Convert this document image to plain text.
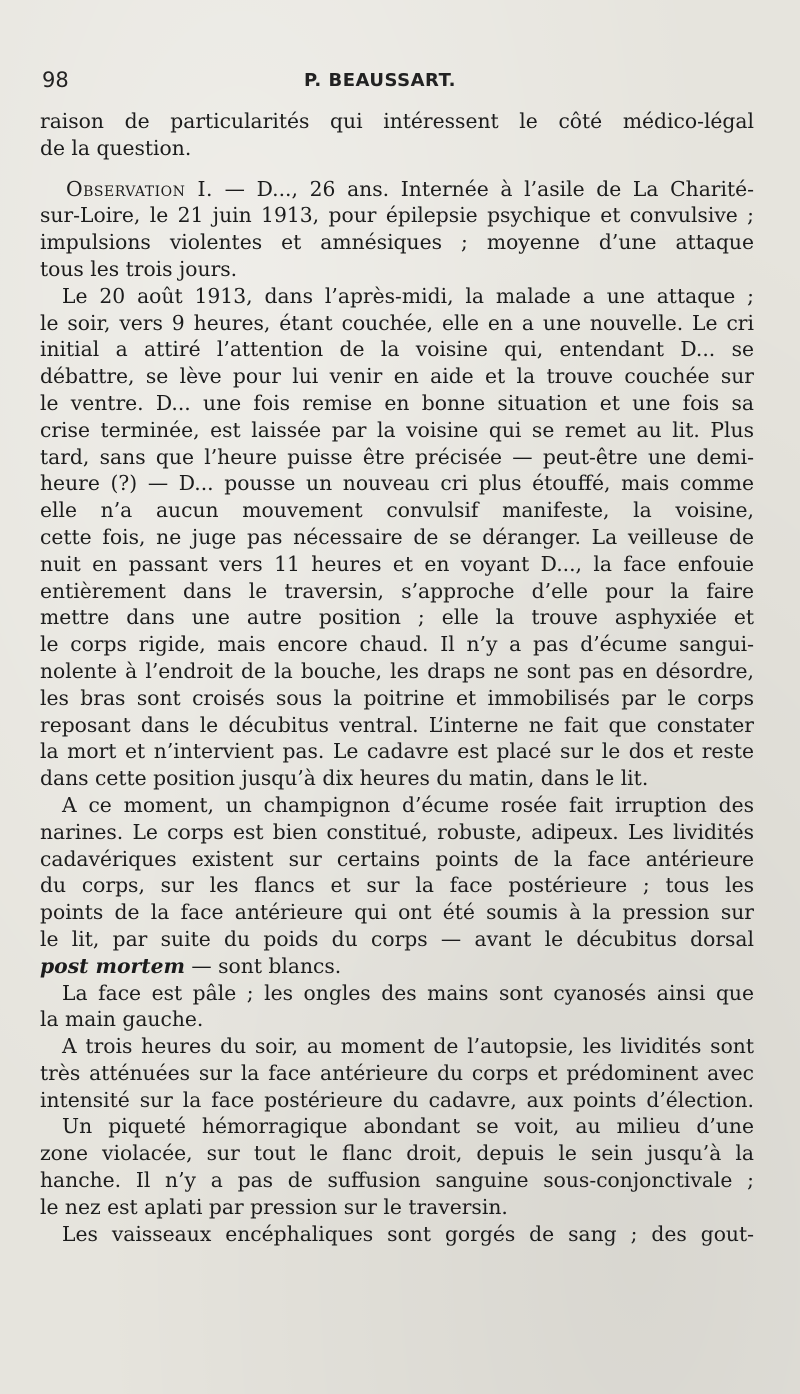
98	P. BEAUSSART.
raison de particularités qui intéressent le côté médico-légal
de la question.
Observation I. — D..., 26 ans. Internée à l’asile de La Charité-
sur-Loire, le 21 juin 1913, pour épilepsie psychique et convulsive ;
impulsions violentes et amnésiques ; moyenne d’une attaque
tous les trois jours.
Le 20 août 1913, dans l’après-midi, la malade a une attaque ;
le soir, vers 9 heures, étant couchée, elle en a une nouvelle. Le cri
initial a attiré l’attention de la voisine qui, entendant D... se
débattre, se lève pour lui venir en aide et la trouve couchée sur
le ventre. D... une fois remise en bonne situation et une fois sa
crise terminée, est laissée par la voisine qui se remet au lit. Plus
tard, sans que l’heure puisse être précisée — peut-être une demi-
heure (?) — D... pousse un nouveau cri plus étouffé, mais comme
elle n’a aucun mouvement convulsif manifeste, la voisine,
cette fois, ne juge pas nécessaire de se déranger. La veilleuse de
nuit en passant vers 11 heures et en voyant D..., la face enfouie
entièrement dans le traversin, s’approche d’elle pour la faire
mettre dans une autre position ; elle la trouve asphyxiée et
le corps rigide, mais encore chaud. Il n’y a pas d’écume sangui-
nolente à l’endroit de la bouche, les draps ne sont pas en désordre,
les bras sont croisés sous la poitrine et immobilisés par le corps
reposant dans le décubitus ventral. L’interne ne fait que constater
la mort et n’intervient pas. Le cadavre est placé sur le dos et reste
dans cette position jusqu’à dix heures du matin, dans le lit.
A ce moment, un champignon d’écume rosée fait irruption des
narines. Le corps est bien constitué, robuste, adipeux. Les lividités
cadavériques existent sur certains points de la face antérieure
du corps, sur les flancs et sur la face postérieure ; tous les
points de la face antérieure qui ont été soumis à la pression sur
le lit, par suite du poids du corps — avant le décubitus dorsal
post mortem — sont blancs.
La face est pâle ; les ongles des mains sont cyanosés ainsi que
la main gauche.
A trois heures du soir, au moment de l’autopsie, les lividités sont
très atténuées sur la face antérieure du corps et prédominent avec
intensité sur la face postérieure du cadavre, aux points d’élection.
Un piqueté hémorragique abondant se voit, au milieu d’une
zone violacée, sur tout le flanc droit, depuis le sein jusqu’à la
hanche. Il n’y a pas de suffusion sanguine sous-conjonctivale ;
le nez est aplati par pression sur le traversin.
Les vaisseaux encéphaliques sont gorgés de sang ; des gout-
